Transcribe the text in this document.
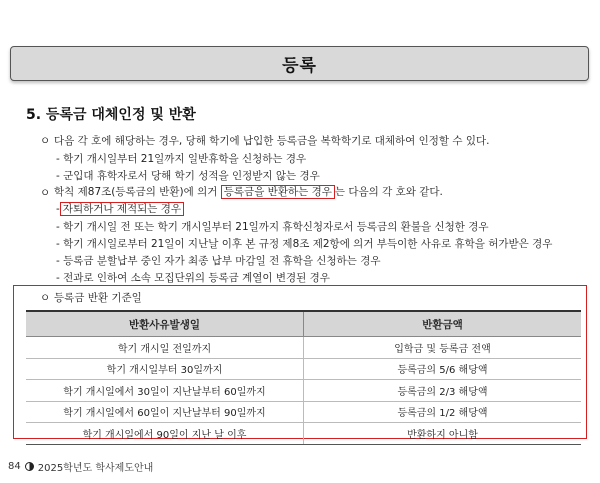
등록
5. 등록금 대체인정 및 반환
ㅇ 다음 각 호에 해당하는 경우, 당해 학기에 납입한 등록금을 복학학기로 대체하여 인정할 수 있다.
- 학기 개시일부터 21일까지 일반휴학을 신청하는 경우
- 군입대 휴학자로서 당해 학기 성적을 인정받지 않는 경우
ㅇ 학칙 제87조(등록금의 반환)에 의거 등록금을 반환하는 경우 는 다음의 각 호와 같다.
- 자퇴하거나 제적되는 경우
- 학기 개시일 전 또는 학기 개시일부터 21일까지 휴학신청자로서 등록금의 환불을 신청한 경우
- 학기 개시일로부터 21일이 지난날 이후 본 규정 제8조 제2항에 의거 부득이한 사유로 휴학을 허가받은 경우
- 등록금 분할납부 중인 자가 최종 납부 마감일 전 휴학을 신청하는 경우
- 전과로 인하여 소속 모집단위의 등록금 계열이 변경된 경우
ㅇ 등록금 반환 기준일
반환사유발생일	반환금액
학기 개시일 전일까지	입학금 및 등록금 전액
학기 개시일부터 30일까지	등록금의 5/6 해당액
학기 개시일에서 30일이 지난날부터 60일까지	등록금의 2/3 해당액
학기 개시일에서 60일이 지난날부터 90일까지	등록금의 1/2 해당액
학기 개시일에서 90일이 지난 날 이후	반환하지 아니함
84 2025학년도 학사제도안내
